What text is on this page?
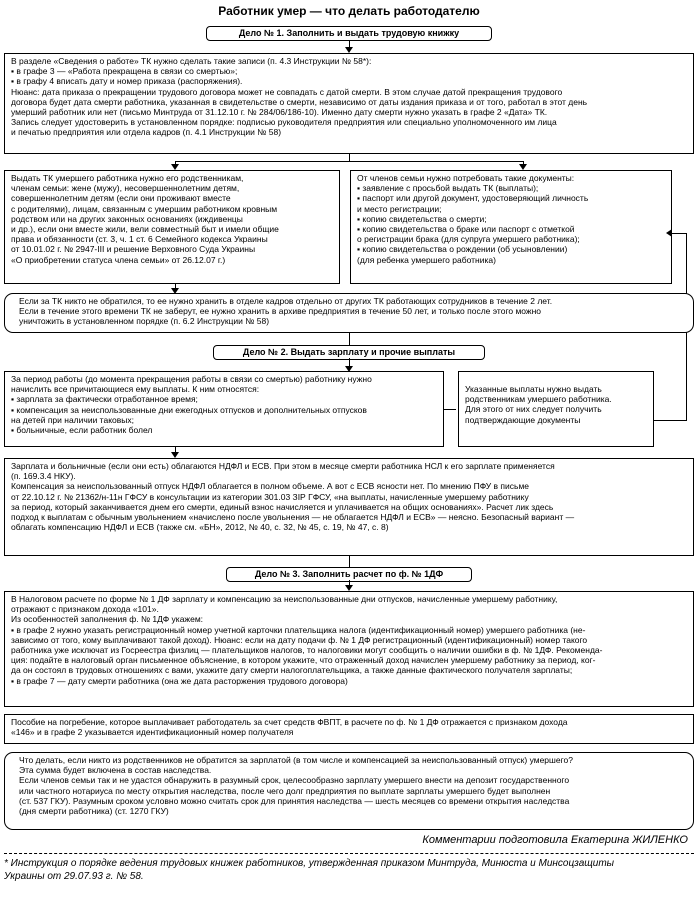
Работник умер — что делать работодателю
Дело № 1. Заполнить и выдать трудовую книжку

В разделе «Сведения о работе» ТК нужно сделать такие записи (п. 4.3 Инструкции № 58*):

▪ в графе 3 — «Работа прекращена в связи со смертью»;

▪ в графу 4 вписать дату и номер приказа (распоряжения).

Нюанс: дата приказа о прекращении трудового договора может не совпадать с датой смерти. В этом случае датой прекращения трудового

договора будет дата смерти работника, указанная в свидетельстве о смерти, независимо от даты издания приказа и от того, работал в этот день

умерший работник или нет (письмо Минтруда от 31.12.10 г. № 284/06/186-10). Именно дату смерти нужно указать в графе 2 «Дата» ТК.

Запись следует удостоверить в установленном порядке: подписью руководителя предприятия или специально уполномоченного им лица

и печатью предприятия или отдела кадров (п. 4.1 Инструкции № 58)

Выдать ТК умершего работника нужно его родственникам,

членам семьи: жене (мужу), несовершеннолетним детям,

совершеннолетним детям (если они проживают вместе

с родителями), лицам, связанным с умершим работником кровным

родством или на других законных основаниях (иждивенцы

и др.), если они вместе жили, вели совместный быт и имели общие

права и обязанности (ст. 3, ч. 1 ст. 6 Семейного кодекса Украины

от 10.01.02 г. № 2947-III и решение Верховного Суда Украины

«О приобретении статуса члена семьи» от 26.12.07 г.)

От членов семьи нужно потребовать такие документы:

▪ заявление с просьбой выдать ТК (выплаты);

▪ паспорт или другой документ, удостоверяющий личность

и место регистрации;

▪ копию свидетельства о смерти;

▪ копию свидетельства о браке или паспорт с отметкой

о регистрации брака (для супруга умершего работника);

▪ копию свидетельства о рождении (об усыновлении)

(для ребенка умершего работника)

Если за ТК никто не обратился, то ее нужно хранить в отделе кадров отдельно от других ТК работающих сотрудников в течение 2 лет.

Если в течение этого времени ТК не заберут, ее нужно хранить в архиве предприятия в течение 50 лет, и только после этого можно

уничтожить в установленном порядке (п. 6.2 Инструкции № 58)

Дело № 2. Выдать зарплату и прочие выплаты

За период работы (до момента прекращения работы в связи со смертью) работнику нужно

начислить все причитающиеся ему выплаты. К ним относятся:

▪ зарплата за фактически отработанное время;

▪ компенсация за неиспользованные дни ежегодных отпусков и дополнительных отпусков

на детей при наличии таковых;

▪ больничные, если работник болел

Указанные выплаты нужно выдать

родственникам умершего работника.

Для этого от них следует получить

подтверждающие документы

Зарплата и больничные (если они есть) облагаются НДФЛ и ЕСВ. При этом в месяце смерти работника НСЛ к его зарплате применяется

(п. 169.3.4 НКУ).

Компенсация за неиспользованный отпуск НДФЛ облагается в полном объеме. А вот с ЕСВ ясности нет. По мнению ПФУ в письме

от 22.10.12 г. № 21362/н-11н ГФСУ в консультации из категории 301.03 ЗІР ГФСУ, «на выплаты, начисленные умершему работнику

за период, который заканчивается днем его смерти, единый взнос начисляется и уплачивается на общих основаниях». Расчет лик здесь

подход к выплатам с обычным увольнением «начислено после увольнения — не облагается НДФЛ и ЕСВ» — неясно. Безопасный вариант —

облагать компенсацию НДФЛ и ЕСВ (также см. «БН», 2012, № 40, с. 32, № 45, с. 19, № 47, с. 8)

Дело № 3. Заполнить расчет по ф. № 1ДФ

В Налоговом расчете по форме № 1 ДФ зарплату и компенсацию за неиспользованные дни отпусков, начисленные умершему работнику,

отражают с признаком дохода «101».

Из особенностей заполнения ф. № 1ДФ укажем:

▪ в графе 2 нужно указать регистрационный номер учетной карточки плательщика налога (идентификационный номер) умершего работника (не-

зависимо от того, кому выплачивают такой доход). Нюанс: если на дату подачи ф. № 1 ДФ регистрационный (идентификационный) номер такого

работника уже исключат из Госреестра физлиц — плательщиков налогов, то налоговики могут сообщить о наличии ошибки в ф. № 1ДФ. Рекоменда-

ция: подайте в налоговый орган письменное объяснение, в котором укажите, что отраженный доход начислен умершему работнику за период, ког-

да он состоял в трудовых отношениях с вами, укажите дату смерти налогоплательщика, а также данные фактического получателя зарплаты;

▪ в графе 7 — дату смерти работника (она же дата расторжения трудового договора)

Пособие на погребение, которое выплачивает работодатель за счет средств ФВПТ, в расчете по ф. № 1 ДФ отражается с признаком дохода

«146» и в графе 2 указывается идентификационный номер получателя

Что делать, если никто из родственников не обратится за зарплатой (в том числе и компенсацией за неиспользованный отпуск) умершего?

Эта сумма будет включена в состав наследства.

Если членов семьи так и не удастся обнаружить в разумный срок, целесообразно зарплату умершего внести на депозит государственного

или частного нотариуса по месту открытия наследства, после чего долг предприятия по выплате зарплаты умершего будет выполнен

(ст. 537 ГКУ). Разумным сроком условно можно считать срок для принятия наследства — шесть месяцев со времени открытия наследства

(дня смерти работника) (ст. 1270 ГКУ)

Комментарии подготовила Екатерина ЖИЛЕНКО

* Инструкция о порядке ведения трудовых книжек работников, утвержденная приказом Минтруда, Минюста и Минсоцзащиты

Украины от 29.07.93 г. № 58.
